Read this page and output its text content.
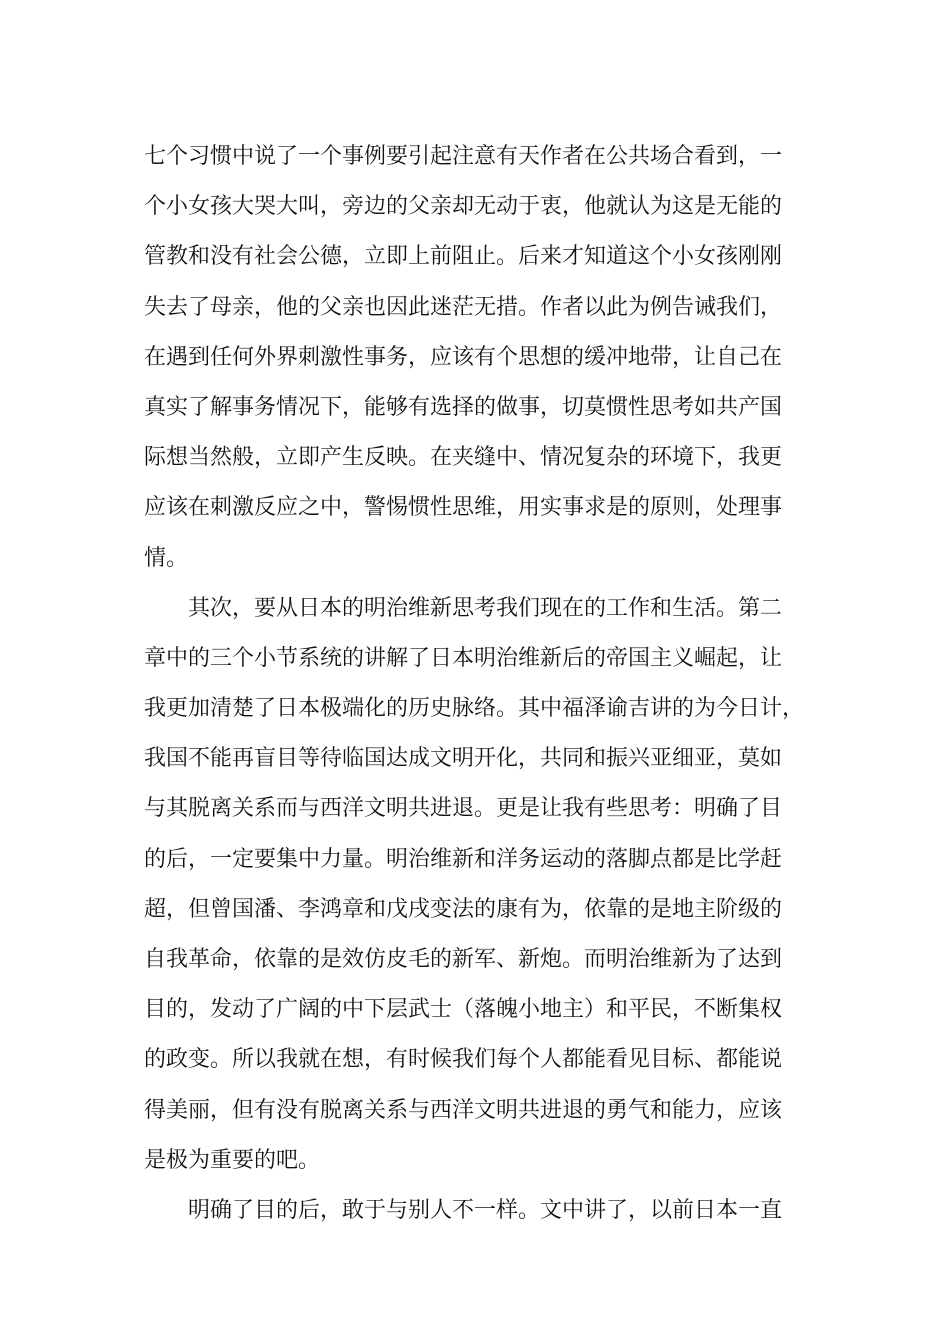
七个习惯中说了一个事例要引起注意有天作者在公共场合看到，一
个小女孩大哭大叫，旁边的父亲却无动于衷，他就认为这是无能的
管教和没有社会公德，立即上前阻止。后来才知道这个小女孩刚刚
失去了母亲，他的父亲也因此迷茫无措。作者以此为例告诫我们，
在遇到任何外界刺激性事务，应该有个思想的缓冲地带，让自己在
真实了解事务情况下，能够有选择的做事，切莫惯性思考如共产国
际想当然般，立即产生反映。在夹缝中、情况复杂的环境下，我更
应该在刺激反应之中，警惕惯性思维，用实事求是的原则，处理事
情。
其次，要从日本的明治维新思考我们现在的工作和生活。第二
章中的三个小节系统的讲解了日本明治维新后的帝国主义崛起，让
我更加清楚了日本极端化的历史脉络。其中福泽谕吉讲的为今日计，
我国不能再盲目等待临国达成文明开化，共同和振兴亚细亚，莫如
与其脱离关系而与西洋文明共进退。更是让我有些思考：明确了目
的后，一定要集中力量。明治维新和洋务运动的落脚点都是比学赶
超，但曾国潘、李鸿章和戊戌变法的康有为，依靠的是地主阶级的
自我革命，依靠的是效仿皮毛的新军、新炮。而明治维新为了达到
目的，发动了广阔的中下层武士（落魄小地主）和平民，不断集权
的政变。所以我就在想，有时候我们每个人都能看见目标、都能说
得美丽，但有没有脱离关系与西洋文明共进退的勇气和能力，应该
是极为重要的吧。
明确了目的后，敢于与别人不一样。文中讲了，以前日本一直
